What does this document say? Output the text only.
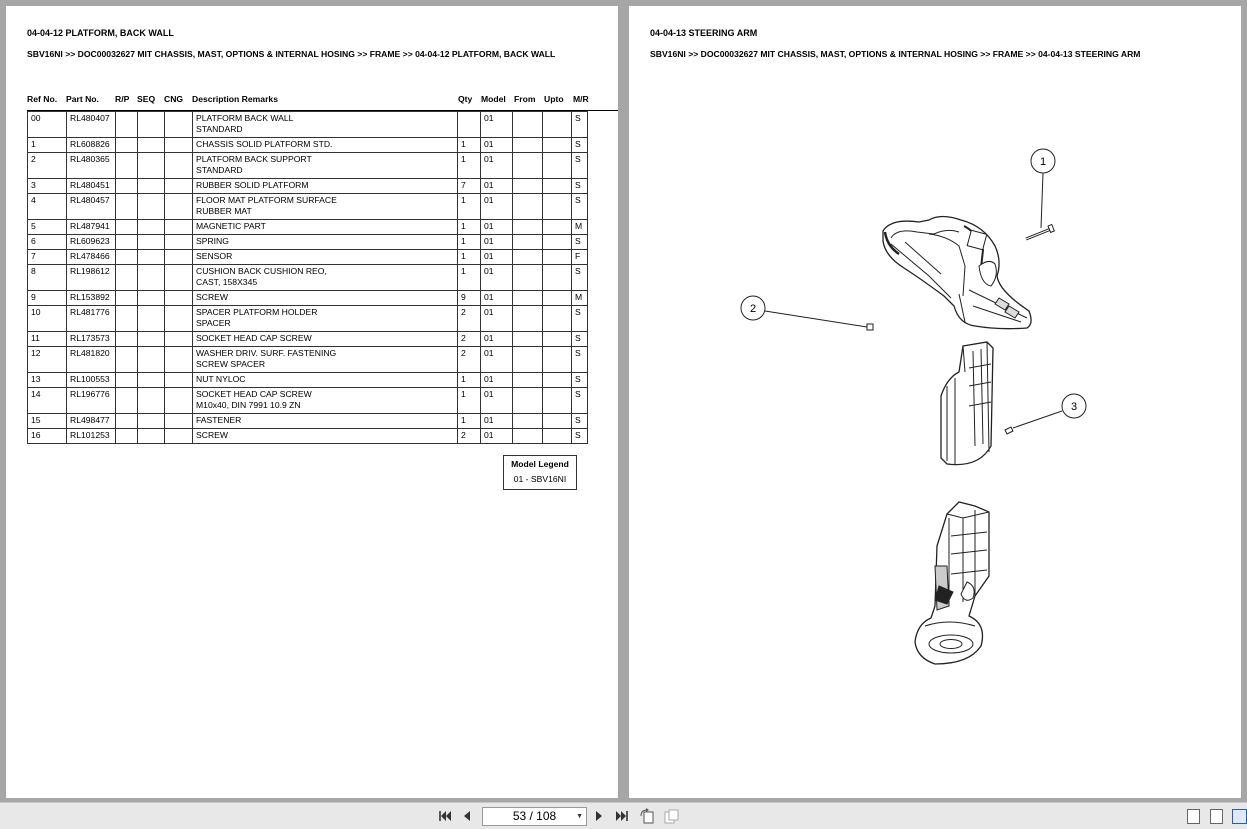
04-04-12 PLATFORM, BACK WALL
SBV16NI >> DOC00032627 MIT CHASSIS, MAST, OPTIONS & INTERNAL HOSING >> FRAME >> 04-04-12 PLATFORM, BACK WALL
Ref No. Part No. R/P SEQ CNG Description Remarks	Qty Model From Upto M/R
00	RL480407				PLATFORM BACK WALL
STANDARD		01			S
1	RL608826				CHASSIS SOLID PLATFORM STD.	1	01			S
2	RL480365				PLATFORM BACK SUPPORT
STANDARD	1	01			S
3	RL480451				RUBBER SOLID PLATFORM	7	01			S
4	RL480457				FLOOR MAT PLATFORM SURFACE
RUBBER MAT	1	01			S
5	RL487941				MAGNETIC PART	1	01			M
6	RL609623				SPRING	1	01			S
7	RL478466				SENSOR	1	01			F
8	RL198612				CUSHION BACK CUSHION REO,
CAST, 158X345	1	01			S
9	RL153892				SCREW	9	01			M
10	RL481776				SPACER PLATFORM HOLDER
SPACER	2	01			S
11	RL173573				SOCKET HEAD CAP SCREW	2	01			S
12	RL481820				WASHER DRIV. SURF. FASTENING
SCREW SPACER	2	01			S
13	RL100553				NUT NYLOC	1	01			S
14	RL196776				SOCKET HEAD CAP SCREW
M10x40, DIN 7991 10.9 ZN	1	01			S
15	RL498477				FASTENER	1	01			S
16	RL101253				SCREW	2	01			S
Model Legend
01 - SBV16NI
04-04-13 STEERING ARM
SBV16NI >> DOC00032627 MIT CHASSIS, MAST, OPTIONS & INTERNAL HOSING >> FRAME >> 04-04-13 STEERING ARM
1
2
3
53 / 108	▼
